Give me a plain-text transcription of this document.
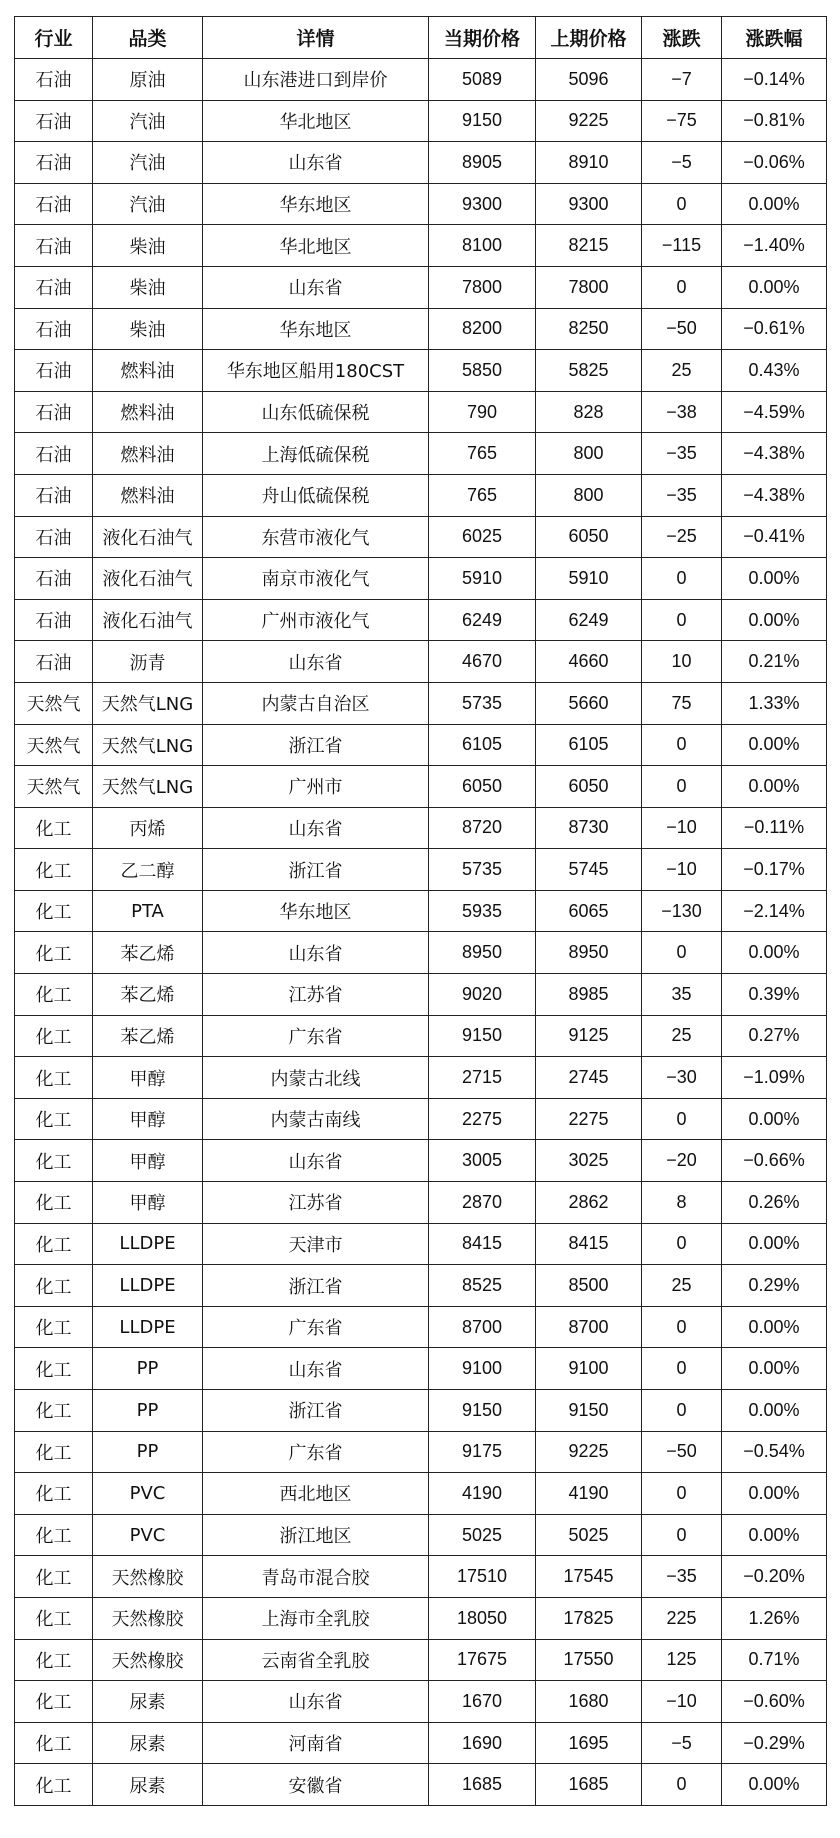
行业	品类	详情	当期价格	上期价格	涨跌	涨跌幅
石油	原油	山东港进口到岸价	5089	5096	−7	−0.14%
石油	汽油	华北地区	9150	9225	−75	−0.81%
石油	汽油	山东省	8905	8910	−5	−0.06%
石油	汽油	华东地区	9300	9300	0	0.00%
石油	柴油	华北地区	8100	8215	−115	−1.40%
石油	柴油	山东省	7800	7800	0	0.00%
石油	柴油	华东地区	8200	8250	−50	−0.61%
石油	燃料油	华东地区船用180CST	5850	5825	25	0.43%
石油	燃料油	山东低硫保税	790	828	−38	−4.59%
石油	燃料油	上海低硫保税	765	800	−35	−4.38%
石油	燃料油	舟山低硫保税	765	800	−35	−4.38%
石油	液化石油气	东营市液化气	6025	6050	−25	−0.41%
石油	液化石油气	南京市液化气	5910	5910	0	0.00%
石油	液化石油气	广州市液化气	6249	6249	0	0.00%
石油	沥青	山东省	4670	4660	10	0.21%
天然气	天然气LNG	内蒙古自治区	5735	5660	75	1.33%
天然气	天然气LNG	浙江省	6105	6105	0	0.00%
天然气	天然气LNG	广州市	6050	6050	0	0.00%
化工	丙烯	山东省	8720	8730	−10	−0.11%
化工	乙二醇	浙江省	5735	5745	−10	−0.17%
化工	PTA	华东地区	5935	6065	−130	−2.14%
化工	苯乙烯	山东省	8950	8950	0	0.00%
化工	苯乙烯	江苏省	9020	8985	35	0.39%
化工	苯乙烯	广东省	9150	9125	25	0.27%
化工	甲醇	内蒙古北线	2715	2745	−30	−1.09%
化工	甲醇	内蒙古南线	2275	2275	0	0.00%
化工	甲醇	山东省	3005	3025	−20	−0.66%
化工	甲醇	江苏省	2870	2862	8	0.26%
化工	LLDPE	天津市	8415	8415	0	0.00%
化工	LLDPE	浙江省	8525	8500	25	0.29%
化工	LLDPE	广东省	8700	8700	0	0.00%
化工	PP	山东省	9100	9100	0	0.00%
化工	PP	浙江省	9150	9150	0	0.00%
化工	PP	广东省	9175	9225	−50	−0.54%
化工	PVC	西北地区	4190	4190	0	0.00%
化工	PVC	浙江地区	5025	5025	0	0.00%
化工	天然橡胶	青岛市混合胶	17510	17545	−35	−0.20%
化工	天然橡胶	上海市全乳胶	18050	17825	225	1.26%
化工	天然橡胶	云南省全乳胶	17675	17550	125	0.71%
化工	尿素	山东省	1670	1680	−10	−0.60%
化工	尿素	河南省	1690	1695	−5	−0.29%
化工	尿素	安徽省	1685	1685	0	0.00%
